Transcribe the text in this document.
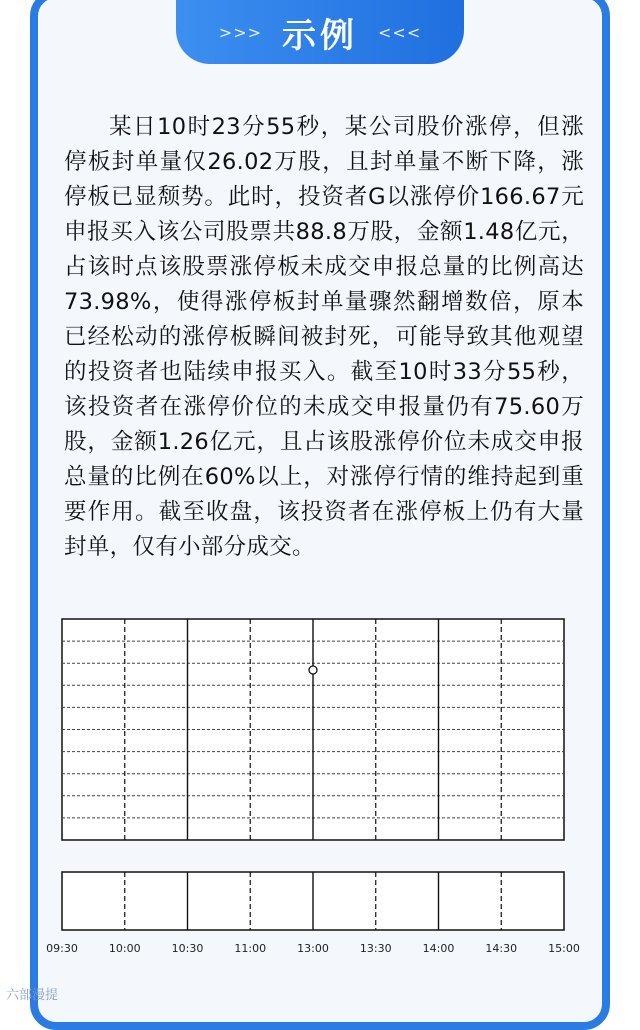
>>> 示例 <<<
某日10时23分55秒，某公司股价涨停，但涨停板封单量仅26.02万股，且封单量不断下降，涨停板已显颓势。此时，投资者G以涨停价166.67元申报买入该公司股票共88.8万股，金额1.48亿元，占该时点该股票涨停板未成交申报总量的比例高达73.98%，使得涨停板封单量骤然翻增数倍，原本已经松动的涨停板瞬间被封死，可能导致其他观望的投资者也陆续申报买入。截至10时33分55秒，该投资者在涨停价位的未成交申报量仍有75.60万股，金额1.26亿元，且占该股涨停价位未成交申报总量的比例在60%以上，对涨停行情的维持起到重要作用。截至收盘，该投资者在涨停板上仍有大量封单，仅有小部分成交。
09:30	10:00	10:30	11:00	13:00	13:30	14:00	14:30	15:00
六部漫提
